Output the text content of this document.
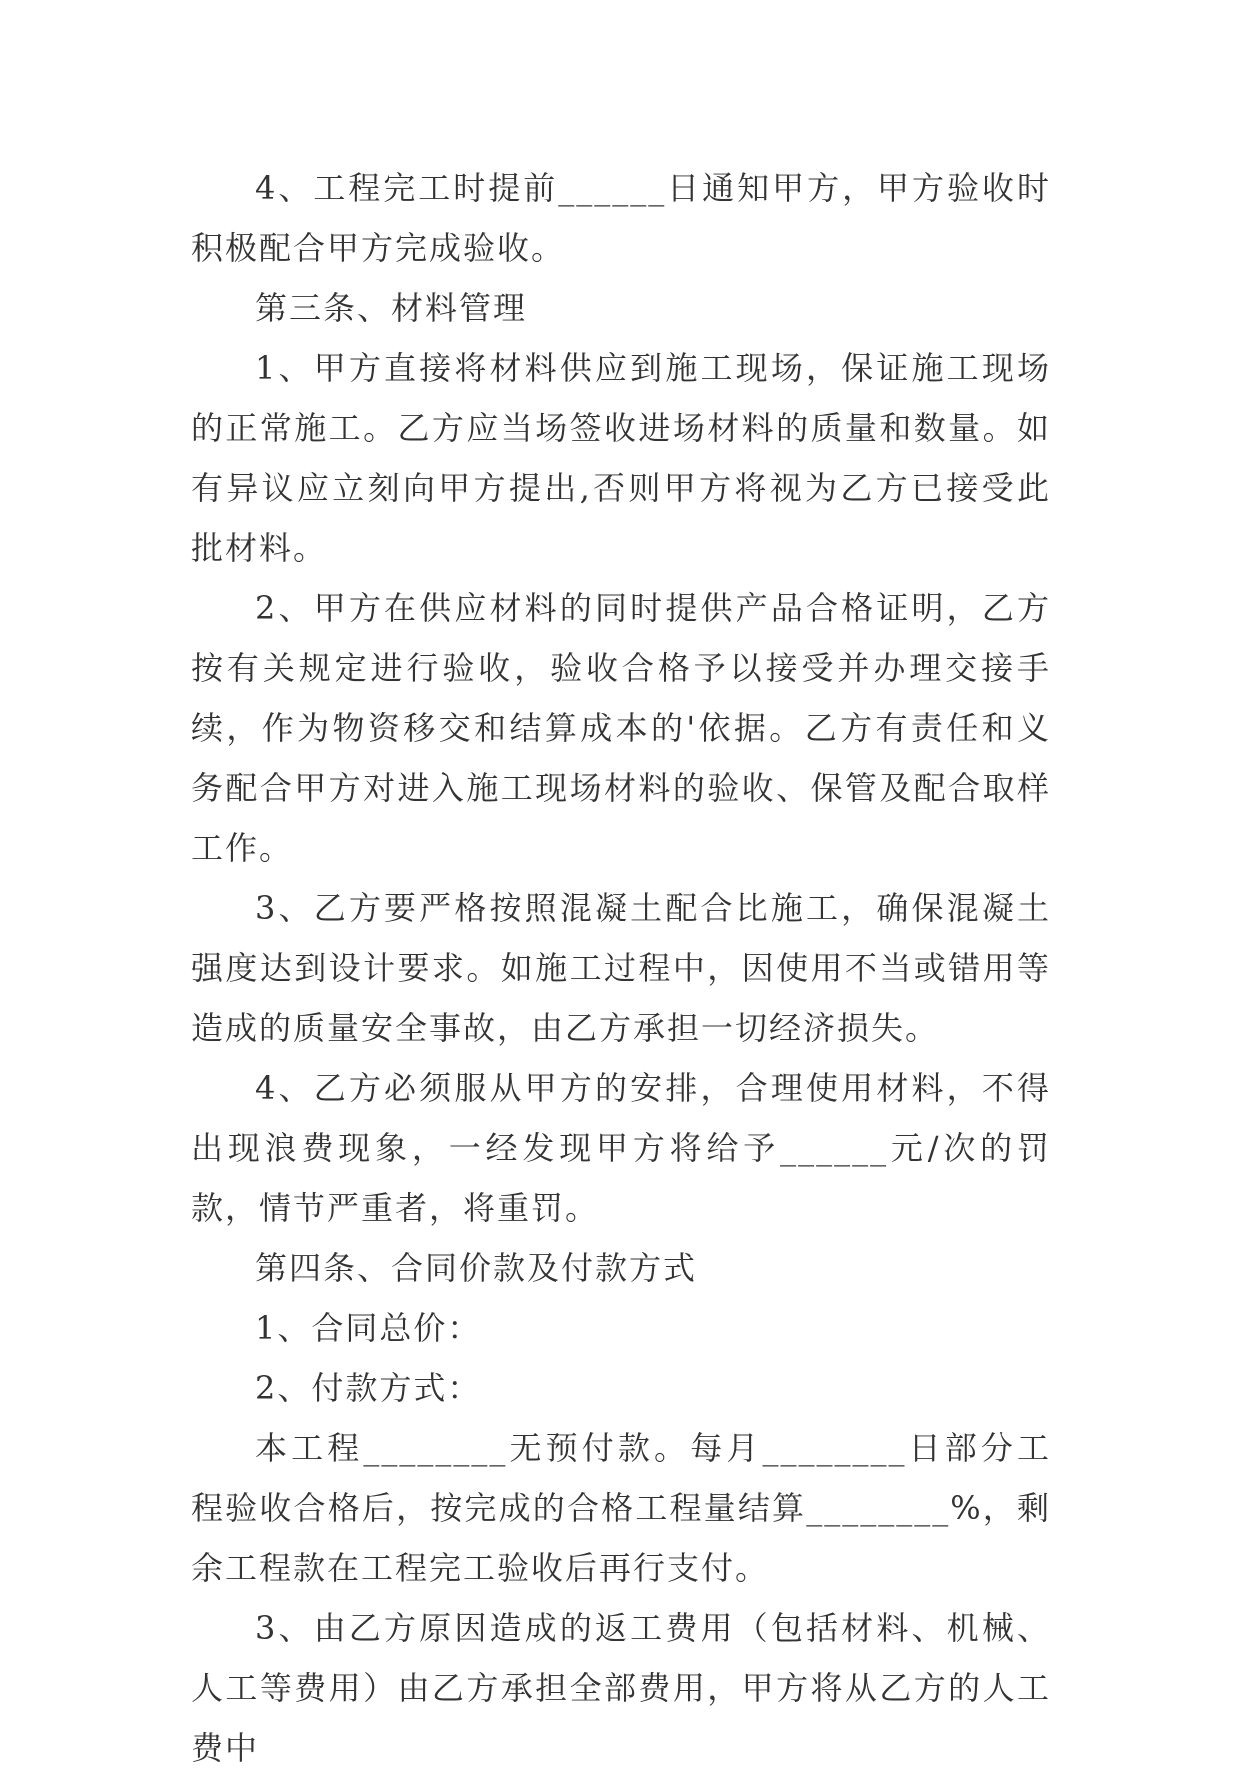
4、工程完工时提前______日通知甲方，甲方验收时积极配合甲方完成验收。

第三条、材料管理

1、甲方直接将材料供应到施工现场，保证施工现场的正常施工。乙方应当场签收进场材料的质量和数量。如有异议应立刻向甲方提出,否则甲方将视为乙方已接受此批材料。

2、甲方在供应材料的同时提供产品合格证明，乙方按有关规定进行验收，验收合格予以接受并办理交接手续，作为物资移交和结算成本的'依据。乙方有责任和义务配合甲方对进入施工现场材料的验收、保管及配合取样工作。

3、乙方要严格按照混凝土配合比施工，确保混凝土强度达到设计要求。如施工过程中，因使用不当或错用等造成的质量安全事故，由乙方承担一切经济损失。

4、乙方必须服从甲方的安排，合理使用材料，不得出现浪费现象，一经发现甲方将给予______元/次的罚款，情节严重者，将重罚。

第四条、合同价款及付款方式

1、合同总价：

2、付款方式：

本工程________无预付款。每月________日部分工程验收合格后，按完成的合格工程量结算________%，剩余工程款在工程完工验收后再行支付。

3、由乙方原因造成的返工费用（包括材料、机械、人工等费用）由乙方承担全部费用，甲方将从乙方的人工费中
